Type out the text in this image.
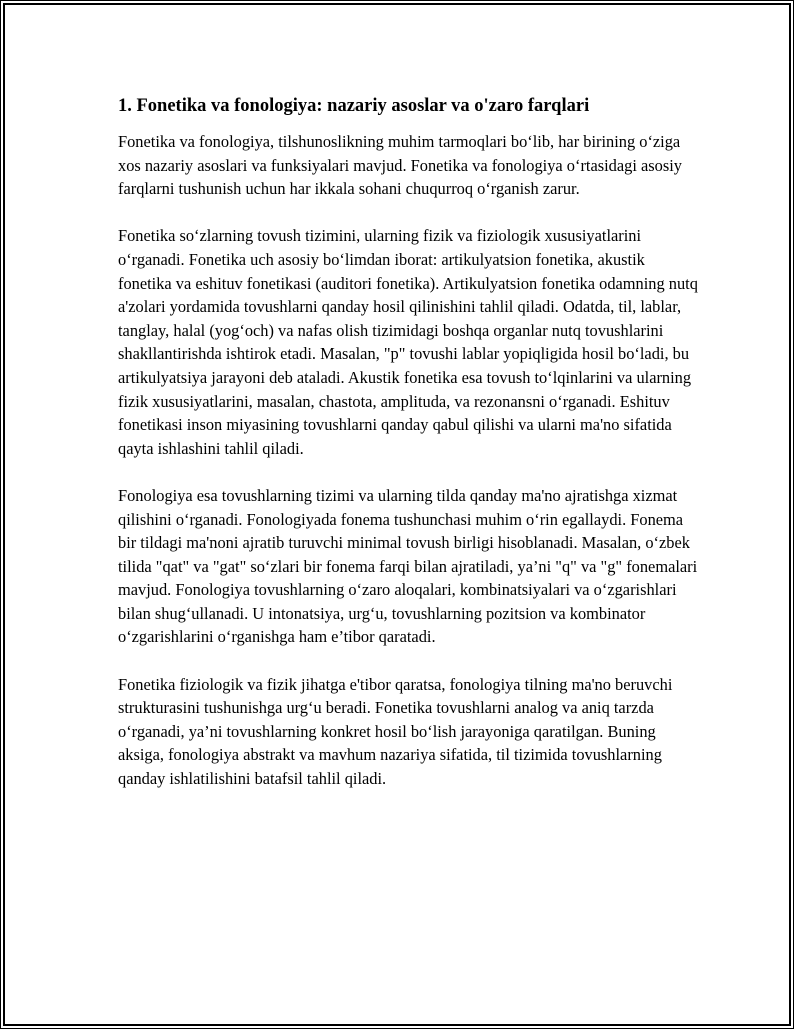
1. Fonetika va fonologiya: nazariy asoslar va o'zaro farqlari

Fonetika va fonologiya, tilshunoslikning muhim tarmoqlari bo‘lib, har birining o‘ziga xos nazariy asoslari va funksiyalari mavjud. Fonetika va fonologiya o‘rtasidagi asosiy farqlarni tushunish uchun har ikkala sohani chuqurroq o‘rganish zarur.

Fonetika so‘zlarning tovush tizimini, ularning fizik va fiziologik xususiyatlarini o‘rganadi. Fonetika uch asosiy bo‘limdan iborat: artikulyatsion fonetika, akustik fonetika va eshituv fonetikasi (auditori fonetika). Artikulyatsion fonetika odamning nutq a'zolari yordamida tovushlarni qanday hosil qilinishini tahlil qiladi. Odatda, til, lablar, tanglay, halal (yog‘och) va nafas olish tizimidagi boshqa organlar nutq tovushlarini shakllantirishda ishtirok etadi. Masalan, "p" tovushi lablar yopiqligida hosil bo‘ladi, bu artikulyatsiya jarayoni deb ataladi. Akustik fonetika esa tovush to‘lqinlarini va ularning fizik xususiyatlarini, masalan, chastota, amplituda, va rezonansni o‘rganadi. Eshituv fonetikasi inson miyasining tovushlarni qanday qabul qilishi va ularni ma'no sifatida qayta ishlashini tahlil qiladi.

Fonologiya esa tovushlarning tizimi va ularning tilda qanday ma'no ajratishga xizmat qilishini o‘rganadi. Fonologiyada fonema tushunchasi muhim o‘rin egallaydi. Fonema bir tildagi ma'noni ajratib turuvchi minimal tovush birligi hisoblanadi. Masalan, o‘zbek tilida "qat" va "gat" so‘zlari bir fonema farqi bilan ajratiladi, ya’ni "q" va "g" fonemalari mavjud. Fonologiya tovushlarning o‘zaro aloqalari, kombinatsiyalari va o‘zgarishlari bilan shug‘ullanadi. U intonatsiya, urg‘u, tovushlarning pozitsion va kombinator o‘zgarishlarini o‘rganishga ham e’tibor qaratadi.

Fonetika fiziologik va fizik jihatga e'tibor qaratsa, fonologiya tilning ma'no beruvchi strukturasini tushunishga urg‘u beradi. Fonetika tovushlarni analog va aniq tarzda o‘rganadi, ya’ni tovushlarning konkret hosil bo‘lish jarayoniga qaratilgan. Buning aksiga, fonologiya abstrakt va mavhum nazariya sifatida, til tizimida tovushlarning qanday ishlatilishini batafsil tahlil qiladi.
